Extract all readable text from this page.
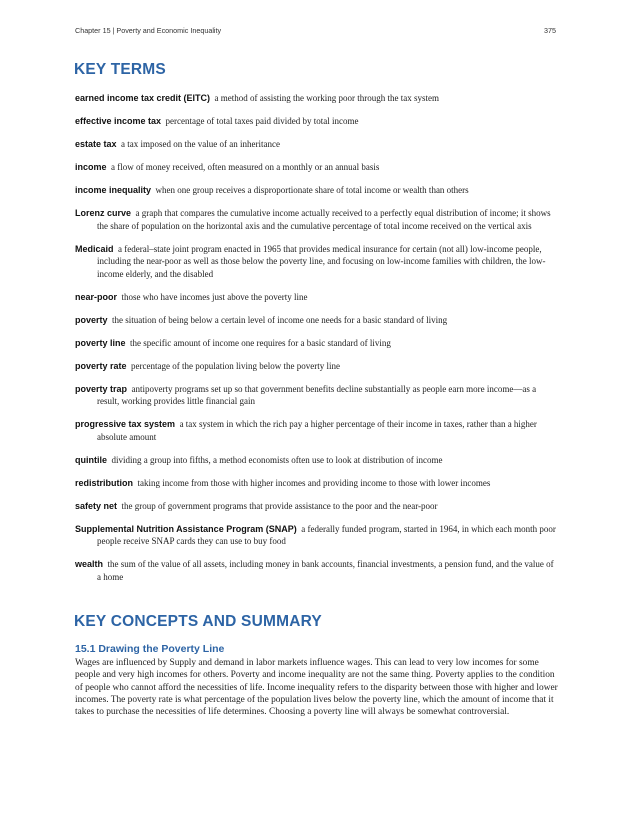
Chapter 15 | Poverty and Economic Inequality	375
KEY TERMS

earned income tax credit (EITC) a method of assisting the working poor through the tax system

effective income tax percentage of total taxes paid divided by total income

estate tax a tax imposed on the value of an inheritance

income a flow of money received, often measured on a monthly or an annual basis

income inequality when one group receives a disproportionate share of total income or wealth than others

Lorenz curve a graph that compares the cumulative income actually received to a perfectly equal distribution of income; it shows the share of population on the horizontal axis and the cumulative percentage of total income received on the vertical axis

Medicaid a federal–state joint program enacted in 1965 that provides medical insurance for certain (not all) low-income people, including the near-poor as well as those below the poverty line, and focusing on low-income families with children, the low-income elderly, and the disabled

near-poor those who have incomes just above the poverty line

poverty the situation of being below a certain level of income one needs for a basic standard of living

poverty line the specific amount of income one requires for a basic standard of living

poverty rate percentage of the population living below the poverty line

poverty trap antipoverty programs set up so that government benefits decline substantially as people earn more income—as a result, working provides little financial gain

progressive tax system a tax system in which the rich pay a higher percentage of their income in taxes, rather than a higher absolute amount

quintile dividing a group into fifths, a method economists often use to look at distribution of income

redistribution taking income from those with higher incomes and providing income to those with lower incomes

safety net the group of government programs that provide assistance to the poor and the near-poor

Supplemental Nutrition Assistance Program (SNAP) a federally funded program, started in 1964, in which each month poor people receive SNAP cards they can use to buy food

wealth the sum of the value of all assets, including money in bank accounts, financial investments, a pension fund, and the value of a home

KEY CONCEPTS AND SUMMARY
15.1 Drawing the Poverty Line

Wages are influenced by Supply and demand in labor markets influence wages. This can lead to very low incomes for some people and very high incomes for others. Poverty and income inequality are not the same thing. Poverty applies to the condition of people who cannot afford the necessities of life. Income inequality refers to the disparity between those with higher and lower incomes. The poverty rate is what percentage of the population lives below the poverty line, which the amount of income that it takes to purchase the necessities of life determines. Choosing a poverty line will always be somewhat controversial.
